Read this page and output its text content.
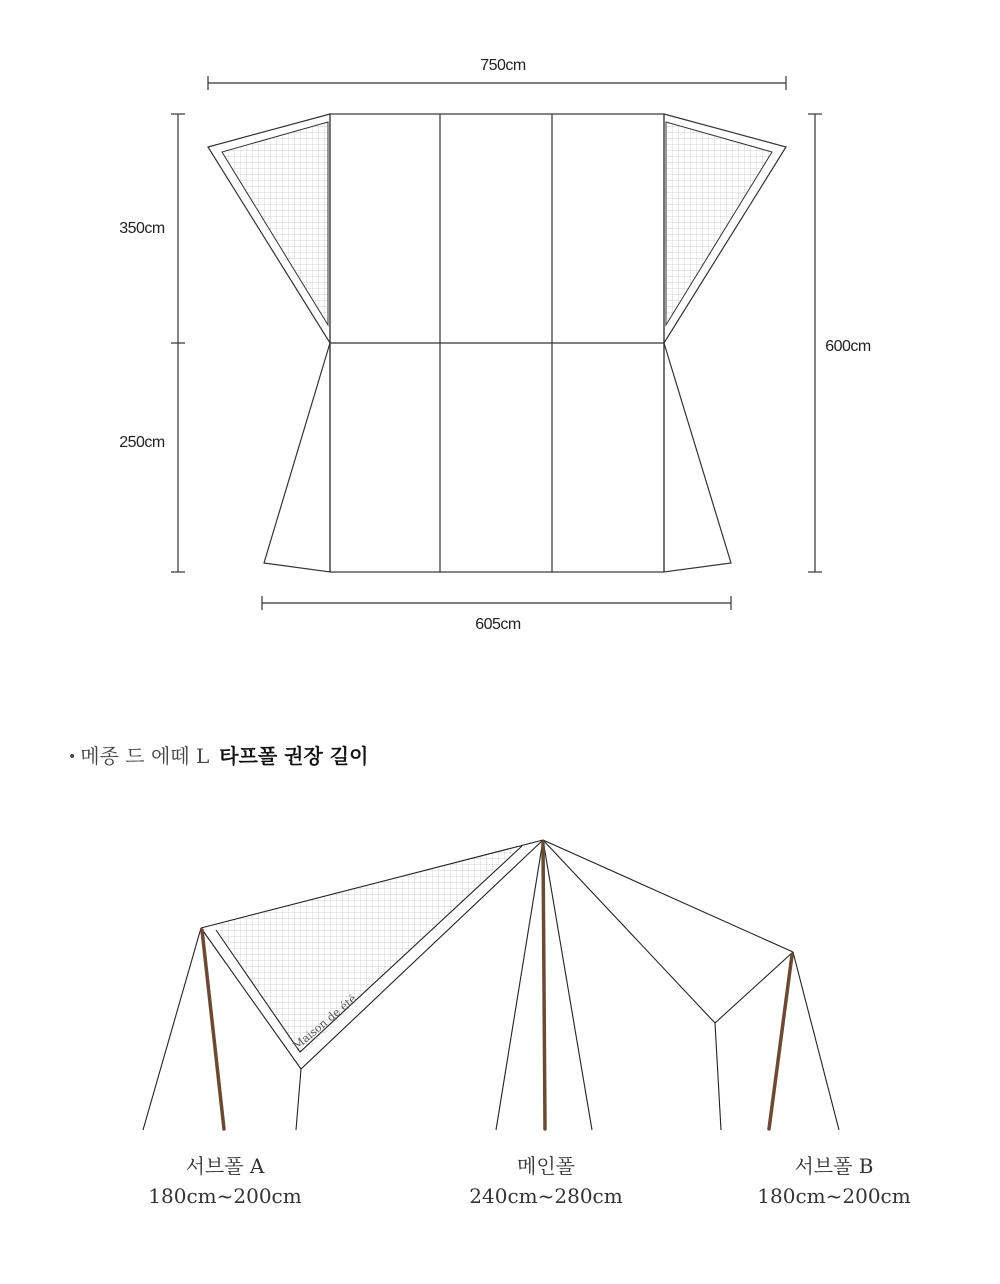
750cm
605cm
350cm
250cm
600cm
Maison de été
서브폴 A
180cm~200cm
메인폴
240cm~280cm
서브폴 B
180cm~200cm
• 메종 드 에떼 L 타프폴 권장 길이
